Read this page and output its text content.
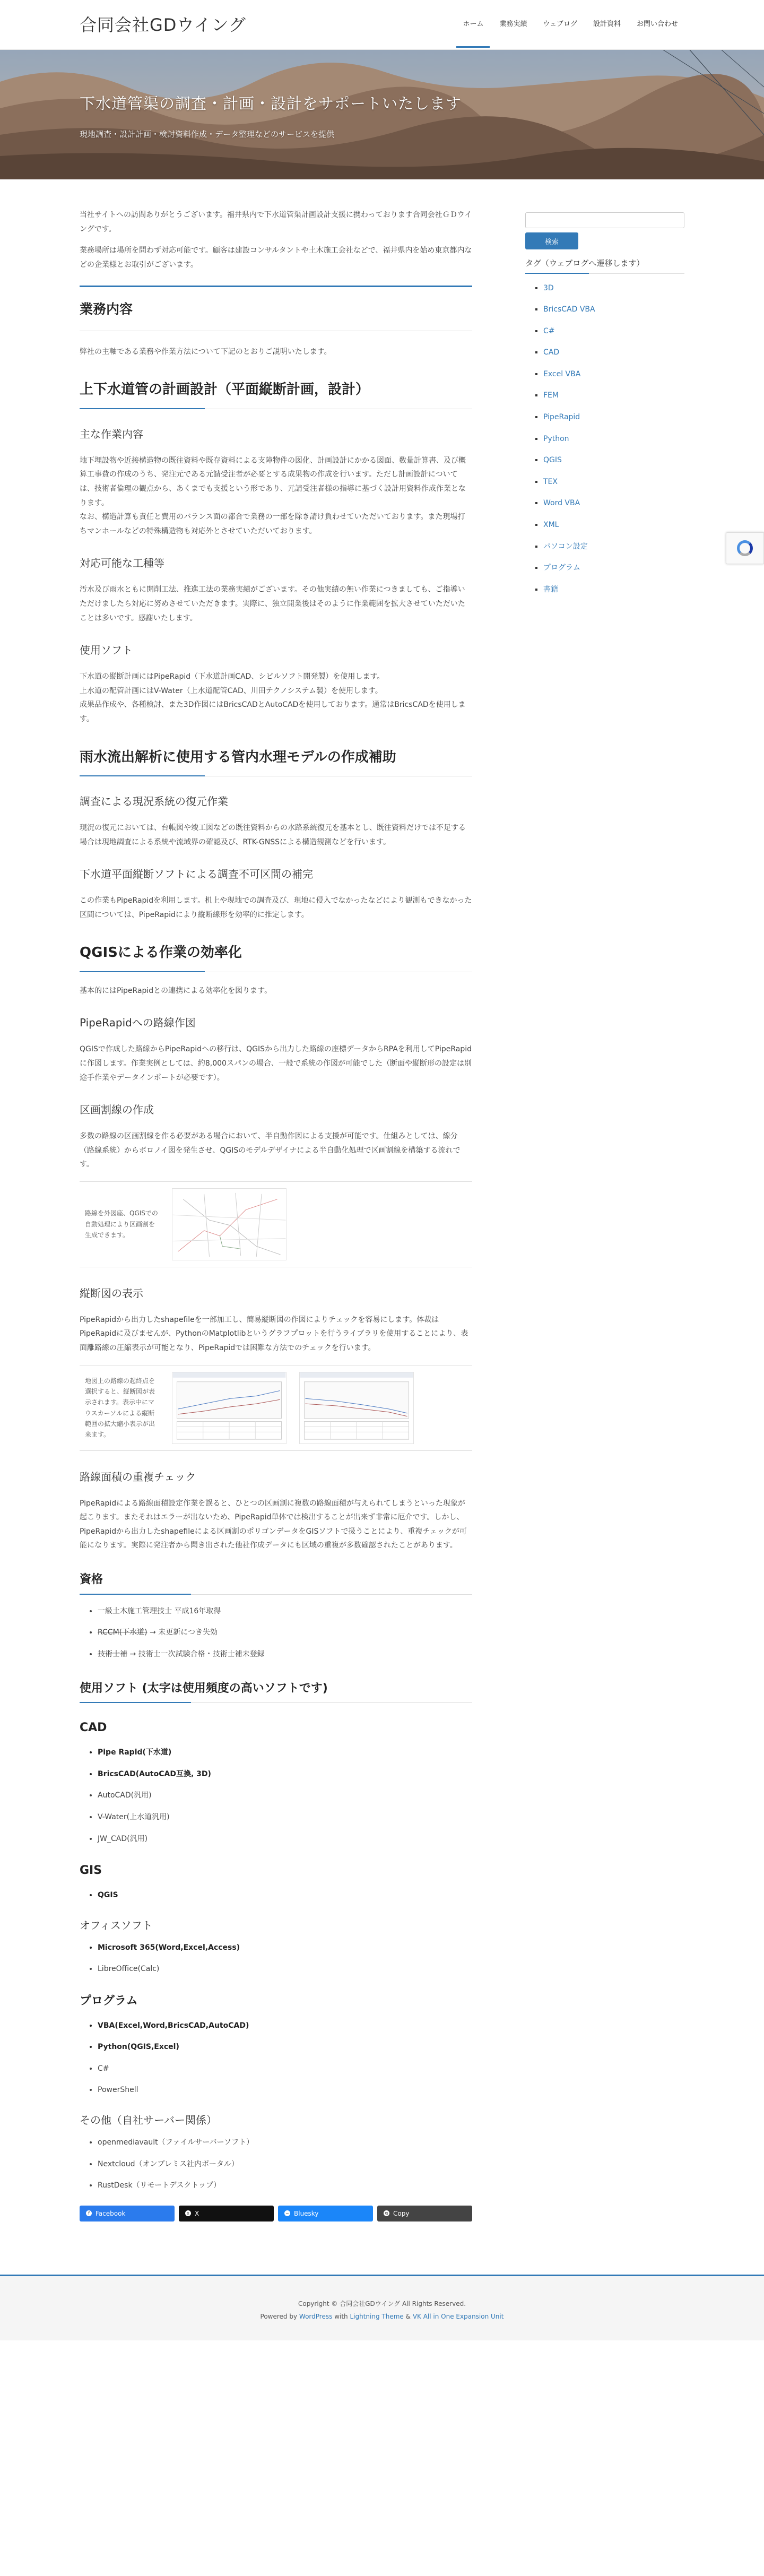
合同会社GDウイング	ホーム	業務実績	ウェブログ	設計資料	お問い合わせ
下水道管渠の調査・計画・設計をサポートいたします

現地調査・設計計画・検討資料作成・データ整理などのサービスを提供

当社サイトへの訪問ありがとうございます。福井県内で下水道管渠計画設計支援に携わっております合同会社ＧＤウイングです。

業務場所は場所を問わず対応可能です。顧客は建設コンサルタントや土木施工会社などで、福井県内を始め東京都内などの企業様とお取引がございます。

業務内容

弊社の主軸である業務や作業方法について下記のとおりご説明いたします。

上下水道管の計画設計（平面縦断計画，設計）
主な作業内容

地下埋設物や近接構造物の既往資料や既存資料による支障物件の図化、計画設計にかかる図面、数量計算書、及び概算工事費の作成のうち、発注元である元請受注者が必要とする成果物の作成を行います。ただし計画設計については、技術者倫理の観点から、あくまでも支援という形であり、元請受注者様の指導に基づく設計用資料作成作業となります。
なお、構造計算も責任と費用のバランス面の都合で業務の一部を除き請け負わせていただいております。また現場打ちマンホールなどの特殊構造物も対応外とさせていただいております。

対応可能な工種等

汚水及び雨水ともに開削工法、推進工法の業務実績がございます。その他実績の無い作業につきましても、ご指導いただけましたら対応に努めさせていただきます。実際に、独立開業後はそのように作業範囲を拡大させていただいたことは多いです。感謝いたします。

使用ソフト

下水道の縦断計画にはPipeRapid（下水道計画CAD、シビルソフト開発製）を使用します。
上水道の配管計画にはV-Water（上水道配管CAD、川田テクノシステム製）を使用します。
成果品作成や、各種検討、また3D作図にはBricsCADとAutoCADを使用しております。通常はBricsCADを使用します。

雨水流出解析に使用する管内水理モデルの作成補助
調査による現況系統の復元作業

現況の復元においては、台帳図や竣工図などの既往資料からの水路系統復元を基本とし、既往資料だけでは不足する場合は現地調査による系統や流域界の確認及び、RTK-GNSSによる構造観測などを行います。

下水道平面縦断ソフトによる調査不可区間の補完

この作業もPipeRapidを利用します。机上や現地での調査及び、現地に侵入でなかったなどにより観測もできなかった区間については、PipeRapidにより縦断線形を効率的に推定します。

QGISによる作業の効率化

基本的にはPipeRapidとの連携による効率化を図ります。

PipeRapidへの路線作図

QGISで作成した路線からPipeRapidへの移行は、QGISから出力した路線の座標データからRPAを利用してPipeRapidに作図します。作業実例としては、約8,000スパンの場合、一般で系統の作図が可能でした（断面や縦断形の設定は別途手作業やデータインポートが必要です）。

区画割線の作成

多数の路線の区画割線を作る必要がある場合において、半自動作図による支援が可能です。仕組みとしては、線分（路線系統）からボロノイ図を発生させ、QGISのモデルデザイナによる半自動化処理で区画割線を構築する流れです。

路線を外図座、QGISでの自動処理により区画割を生成できます。
縦断図の表示

PipeRapidから出力したshapefileを一部加工し、簡易縦断図の作図によりチェックを容易にします。体裁はPipeRapidに及びませんが、PythonのMatplotlibというグラフプロットを行うライブラリを使用することにより、表面離路線の圧縮表示が可能となり、PipeRapidでは困難な方法でのチェックを行います。

地図上の路線の起終点を選択すると、縦断図が表示されます。表示中にマウスカーソルによる縦断範囲の拡大縮小表示が出来ます。
路線面積の重複チェック

PipeRapidによる路線面積設定作業を誤ると、ひとつの区画割に複数の路線面積が与えられてしまうといった現象が起こります。またそれはエラーが出ないため、PipeRapid単体では検出することが出来ず非常に厄介です。しかし、PipeRapidから出力したshapefileによる区画割のポリゴンデータをGISソフトで扱うことにより、重複チェックが可能になります。実際に発注者から聞き出された他社作成データにも区域の重複が多数確認されたことがあります。

資格
• 一級土木施工管理技士 平成16年取得
• RCCM(下水道) → 未更新につき失効
• 技術士補 → 技術士一次試験合格・技術士補未登録
使用ソフト (太字は使用頻度の高いソフトです)
CAD
• Pipe Rapid(下水道)
• BricsCAD(AutoCAD互換, 3D)
• AutoCAD(汎用)
• V-Water(上水道汎用)
• JW_CAD(汎用)
GIS
• QGIS
オフィスソフト
• Microsoft 365(Word,Excel,Access)
• LibreOffice(Calc)
プログラム
• VBA(Excel,Word,BricsCAD,AutoCAD)
• Python(QGIS,Excel)
• C#
• PowerShell
その他（自社サーバー関係）
• openmediavault（ファイルサーバーソフト）
• Nextcloud（オンプレミス社内ポータル）
• RustDesk（リモートデスクトップ）
f Facebook	x X	~ Bluesky	⧉ Copy
検索
タグ（ウェブログへ遷移します）
▪ 3D
▪ BricsCAD VBA
▪ C#
▪ CAD
▪ Excel VBA
▪ FEM
▪ PipeRapid
▪ Python
▪ QGIS
▪ TEX
▪ Word VBA
▪ XML
▪ パソコン設定
▪ プログラム
▪ 書籍
Copyright © 合同会社GDウイング All Rights Reserved.
Powered by WordPress with Lightning Theme & VK All in One Expansion Unit
